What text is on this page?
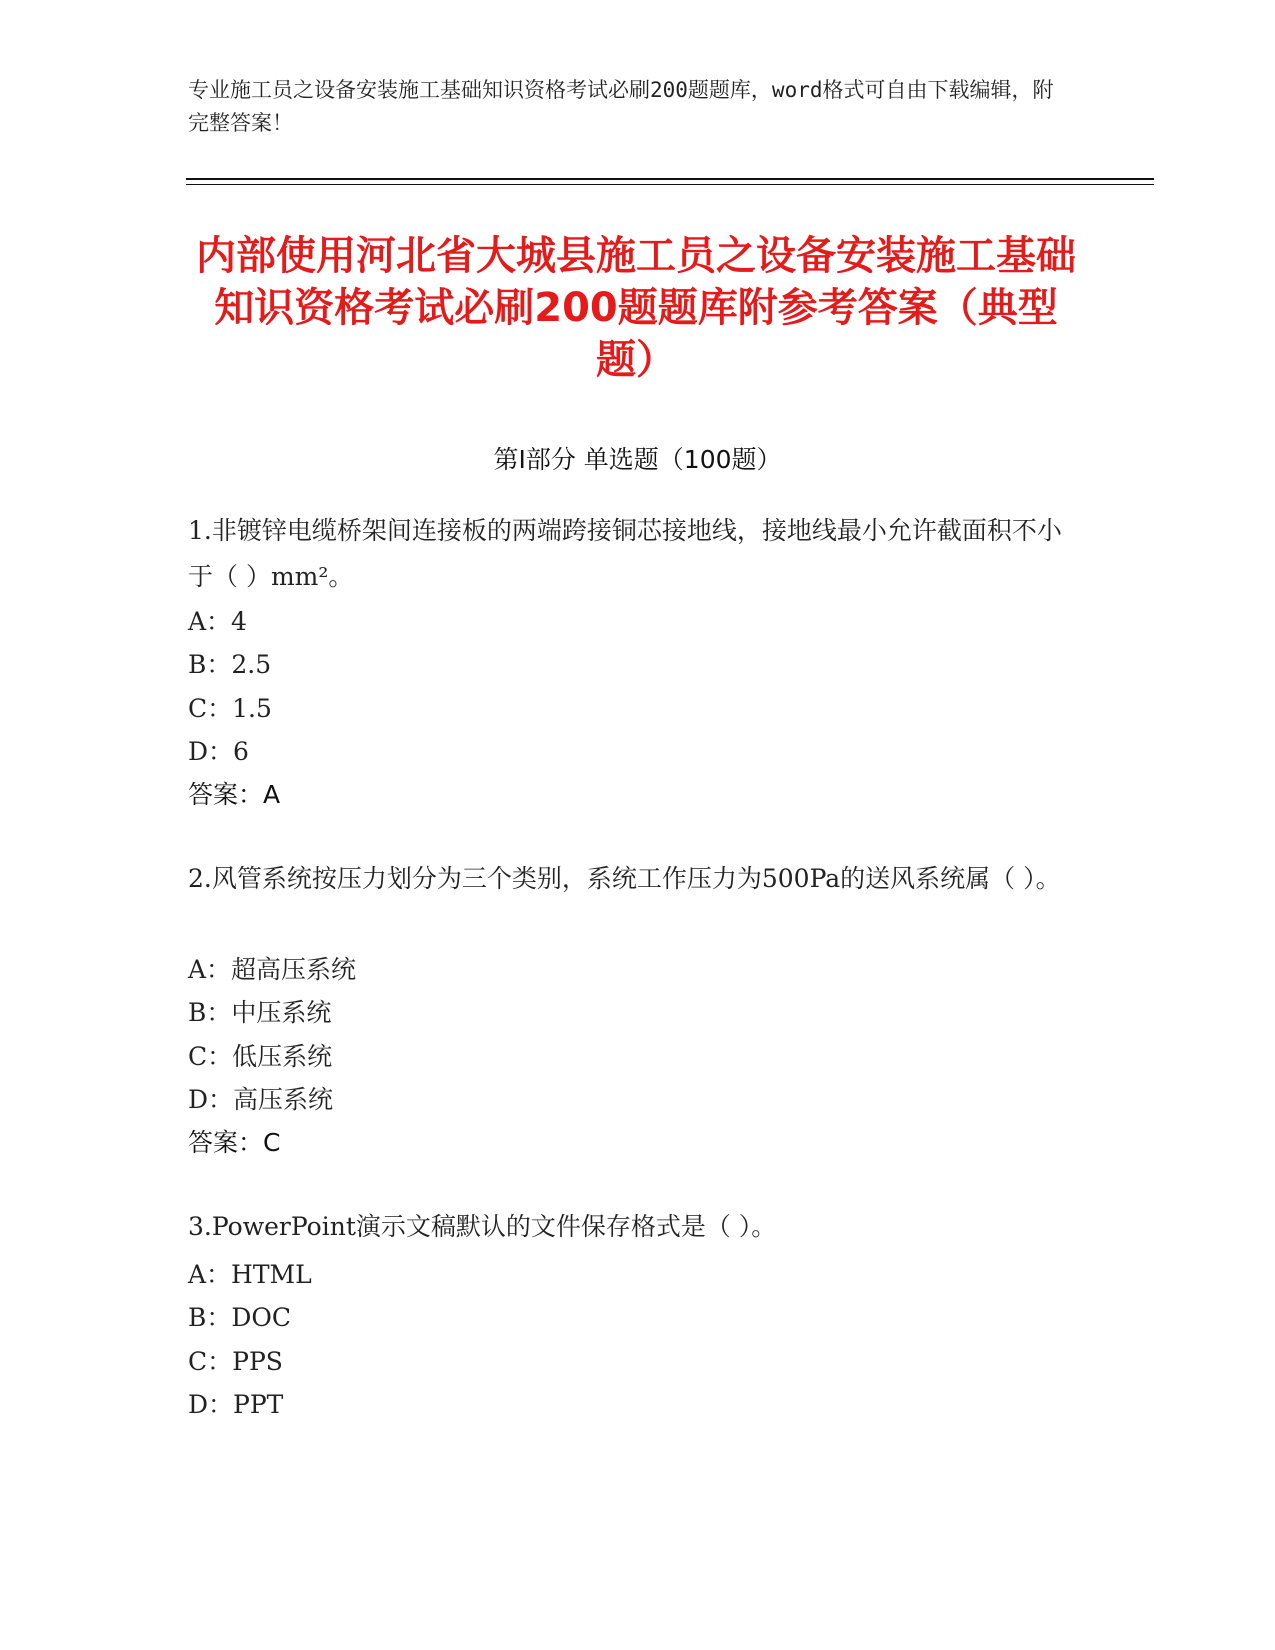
专业施工员之设备安装施工基础知识资格考试必刷200题题库，word格式可自由下载编辑，附完整答案！
内部使用河北省大城县施工员之设备安装施工基础知识资格考试必刷200题题库附参考答案（典型题）
第Ⅰ部分 单选题（100题）
1.非镀锌电缆桥架间连接板的两端跨接铜芯接地线，接地线最小允许截面积不小于（ ）mm²。
A：4
B：2.5
C：1.5
D：6
答案：A
2.风管系统按压力划分为三个类别，系统工作压力为500Pa的送风系统属（ ）。
A：超高压系统
B：中压系统
C：低压系统
D：高压系统
答案：C
3.PowerPoint演示文稿默认的文件保存格式是（ ）。
A：HTML
B：DOC
C：PPS
D：PPT
